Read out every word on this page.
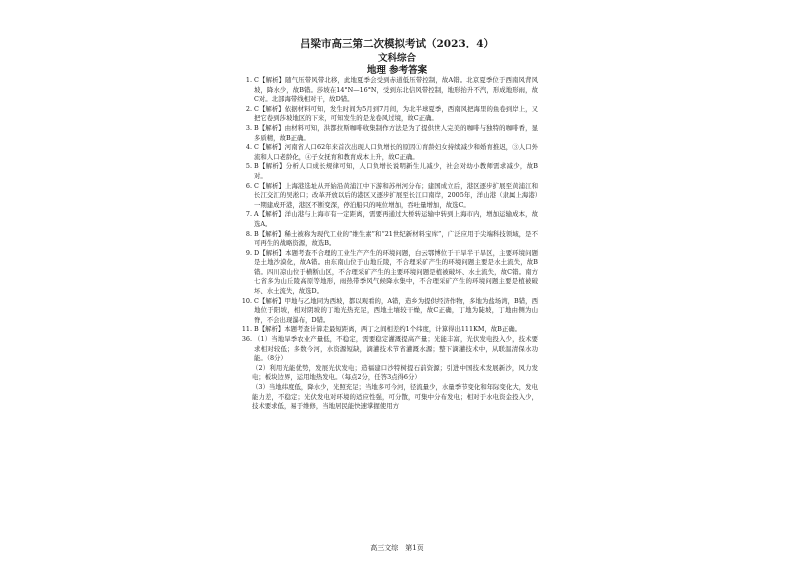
吕梁市高三第二次模拟考试（2023．4）
文科综合
地理 参考答案
1. C【解析】随气压带风带北移，此地夏季会受到赤道低压带控制，故A错。北京夏季位于西南风背风坡，降水少，故B错。莎坡在14°N—16°N，受到东北信风带控制，地形抬升不汽，形成地形雨，故C对。北部海带线相对干，故D错。
2. C【解析】依据材料可知，发生时间为5月到7月间，为北半球夏季，西南风把海里的鱼卷到岸上，又把它卷到莎坡地区的下来，可知发生的是龙卷风过境，故C正确。
3. B【解析】由材料可知，洪都拉斯咖啡收集制作方法是为了提供世人完美的咖啡与独特的咖啡香，显多质精，故B正确。
4. C【解析】河南省人口62年来首次出现人口负增长的原因①育龄妇女持续减少和婚育推迟，③人口外流和人口老龄化，④子女抚育和教育成本上升，故C正确。
5. B【解析】分析人口成长规律可知，人口负增长说明新生儿减少，社会对幼小教师需求减少，故B对。
6. C【解析】上海港选址从开始沿黄浦江中下游和苏州河分布；建国成立后，港区逐步扩展至黄浦江和长江交汇的吴淞口；改革开放以后的港区又逐步扩展至长江口南岸，2005年，洋山港（隶属上海港）一期建成开港，港区不断变深，停泊船只的吨位增加，吞吐量增加，故选C。
7. A【解析】洋山港与上海市有一定距离，需要再通过大桥转运输中转到上海市内，增加运输成本，故选A。
8. B【解析】稀土被称为现代工业的“维生素”和“21世纪新材料宝库”，广泛应用于尖端科技领域，是不可再生的战略资源，故选B。
9. D【解析】本题考查不合理的工业生产产生的环境问题，白云鄂博位于干旱半干旱区，主要环境问题是土地沙漠化，故A错。由东南山位于山地丘陵，不合理采矿产生的环境问题主要是水土流失，故B错。四川凉山位于横断山区，不合理采矿产生的主要环境问题是植被破坏、水土流失，故C错。南方七省多为山丘陵高原等地形，雨热带季风气候降水集中，不合理采矿产生的环境问题主要是植被破坏、水土流失，故选D。
10. C【解析】甲地与乙地同为西坡，都以观看的，A错，造乡为提供经济作物，多地为盐场湾，B错，西地位于阳坡，相对阴坡的丁地光热充足，西地土壤较干燥，故C正确，丁地为陡坡，丁地由侧为山脊，不会出现瀑布，D错。
11. B【解析】本题考查计算走最短距离，两丁之间相差约1个纬度，计算得出111KM，故B正确。
36. （1）当地旱季农业产量低，不稳定，需要稳定灌溉提高产量；光能丰富，光伏发电投入少，技术要求相对较低；多数今河，水资源短缺，滴灌技术节省灌溉水源；整下滴灌技术中，从联温清保水功能。（8分）
（2）利用光能优势，发展光伏发电；造福建口沙特树提石前资源；引进中国技术发展新沙，风力发电；板块边界，运用地热发电。（每点2分，任答3点得6分）
（3）当地纬度低，降水少，光照充足；当地多可今河，径流量少，水量季节变化和年际变化大，发电能力差，不稳定；光伏发电对环境的适应性强，可分散，可集中分布发电；相对于水电资金投入少，技术要求低，易于维修，当地居民能快速掌握使用方
高三文综　第1页
